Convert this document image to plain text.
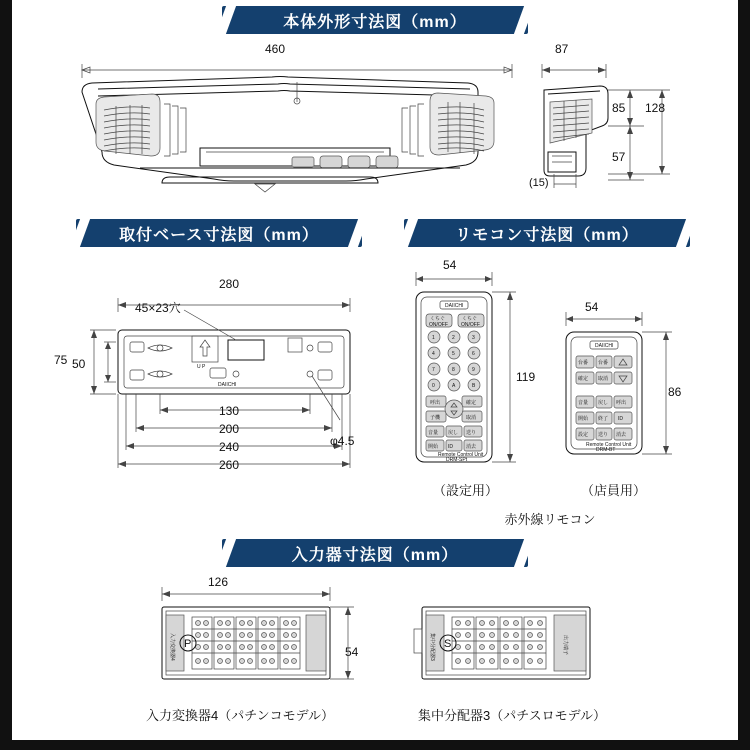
本体外形寸法図（mm）
460	87
85
57
128
(15)
取付ベース寸法図（mm）
280
45×23穴
U P
DAIICHI
75 50
130
200
240
260
φ4.5
リモコン寸法図（mm）
54
54
119
86
DAIICHI
くちぐ
ON/OFF
くちぐ
ON/OFF
1	2	3
4	5	6
7	8	9
0	A	B
呼出	確定
子機	取消
音量 戻し 送り
開始 ID	消去
Remote Control Unit
DRM-SPt
DAIICHI
台番 台番
確定 取消
音量 戻し 呼出
開始 終了 ID
設定 送り 消去
Remote Control Unit
DRM-BT
（設定用）	（店員用）
赤外線リモコン
入力器寸法図（mm）
126
54
入力変換器4 P	集中分配器3 S	出力端子
入力変換器4（パチンコモデル）	集中分配器3（パチスロモデル）
